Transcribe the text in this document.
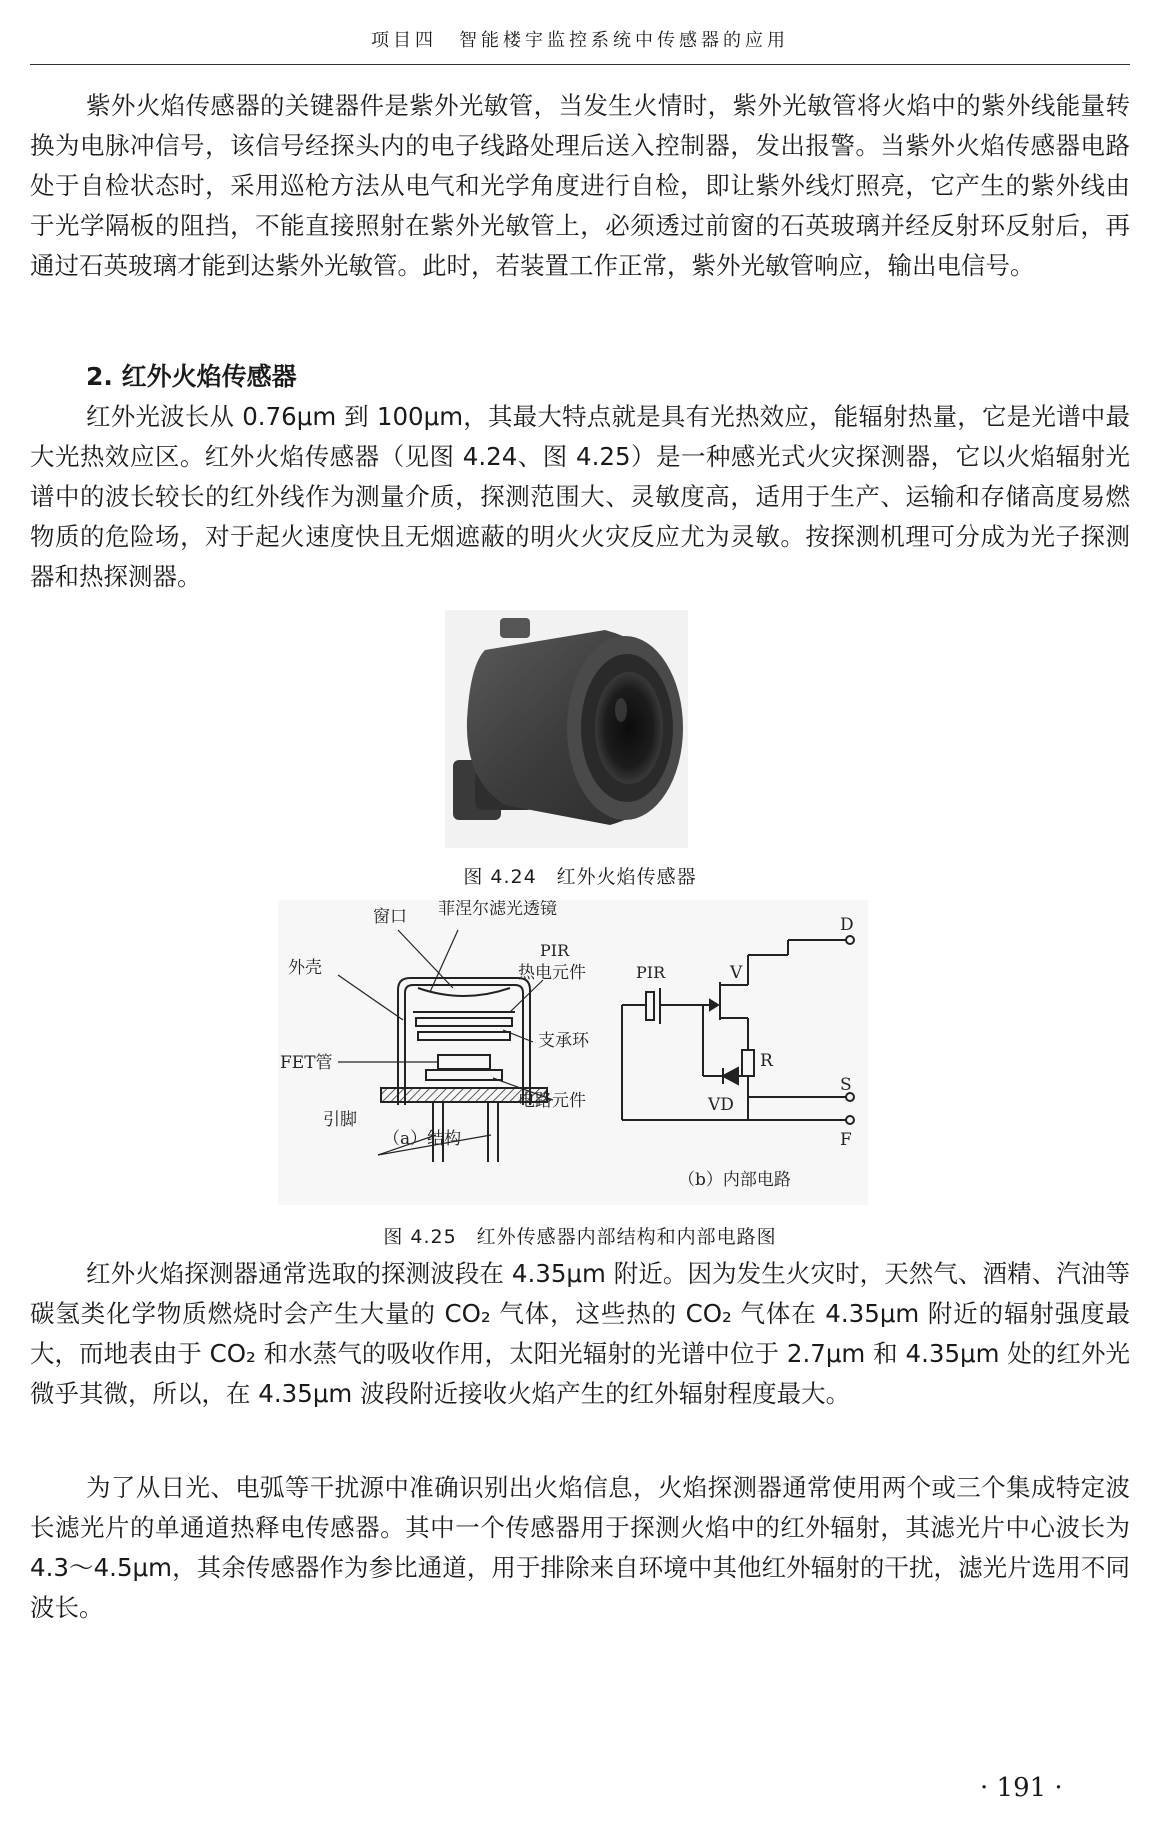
项目四　智能楼宇监控系统中传感器的应用

紫外火焰传感器的关键器件是紫外光敏管，当发生火情时，紫外光敏管将火焰中的紫外线能量转换为电脉冲信号，该信号经探头内的电子线路处理后送入控制器，发出报警。当紫外火焰传感器电路处于自检状态时，采用巡枪方法从电气和光学角度进行自检，即让紫外线灯照亮，它产生的紫外线由于光学隔板的阻挡，不能直接照射在紫外光敏管上，必须透过前窗的石英玻璃并经反射环反射后，再通过石英玻璃才能到达紫外光敏管。此时，若装置工作正常，紫外光敏管响应，输出电信号。

2. 红外火焰传感器

红外光波长从 0.76μm 到 100μm，其最大特点就是具有光热效应，能辐射热量，它是光谱中最大光热效应区。红外火焰传感器（见图 4.24、图 4.25）是一种感光式火灾探测器，它以火焰辐射光谱中的波长较长的红外线作为测量介质，探测范围大、灵敏度高，适用于生产、运输和存储高度易燃物质的危险场，对于起火速度快且无烟遮蔽的明火火灾反应尤为灵敏。按探测机理可分成为光子探测器和热探测器。

图 4.24　红外火焰传感器
窗口 菲涅尔滤光透镜
PIR
热电元件
外壳
支承环
FET管
电路元件
引脚
（a）结构
PIR	V
D
R
S
VD
F
（b）内部电路
图 4.25　红外传感器内部结构和内部电路图

红外火焰探测器通常选取的探测波段在 4.35μm 附近。因为发生火灾时，天然气、酒精、汽油等碳氢类化学物质燃烧时会产生大量的 CO₂ 气体，这些热的 CO₂ 气体在 4.35μm 附近的辐射强度最大，而地表由于 CO₂ 和水蒸气的吸收作用，太阳光辐射的光谱中位于 2.7μm 和 4.35μm 处的红外光微乎其微，所以，在 4.35μm 波段附近接收火焰产生的红外辐射程度最大。

为了从日光、电弧等干扰源中准确识别出火焰信息，火焰探测器通常使用两个或三个集成特定波长滤光片的单通道热释电传感器。其中一个传感器用于探测火焰中的红外辐射，其滤光片中心波长为 4.3～4.5μm，其余传感器作为参比通道，用于排除来自环境中其他红外辐射的干扰，滤光片选用不同波长。

· 191 ·
